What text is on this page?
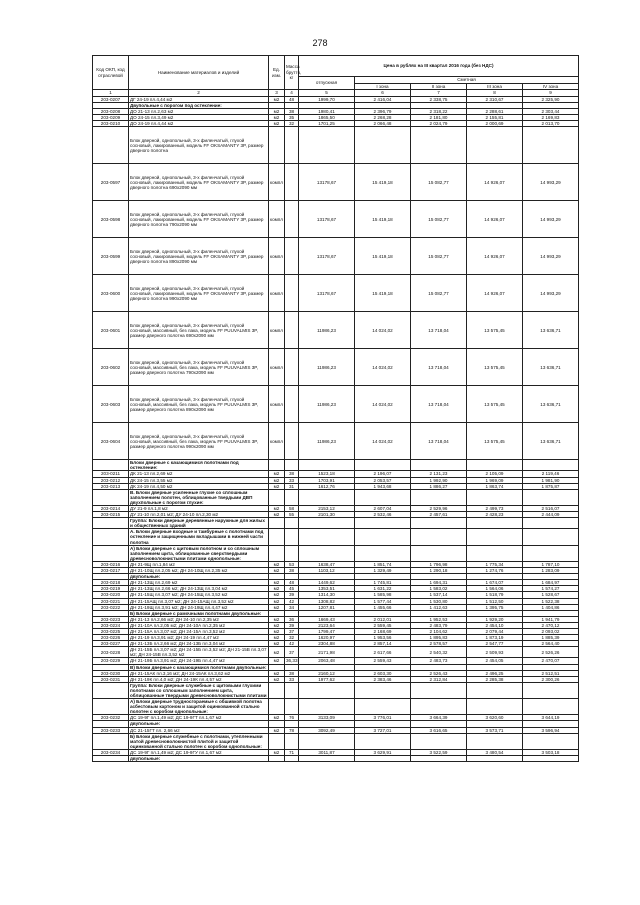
278
Код ОКП, код отраслевой	Наименование материалов и изделий	Ед. изм.	Масса брутто, кг	Цена в рублях на III квартал 2016 года (без НДС)				
				отпускная	Сметная			
					I зона	II зона	III зона	IV зона
1	2	3	4	5	6	7	8	9
203-0207	ДГ 24-19 пл.4,44 м2	м2	48	1999,70	2 416,04	2 338,75	2 310,67	2 325,90
	Двупольные с порогом под остекление:							
203-0208	ДО 21-13 пл.2,63 м2	м2	38	1980,41	2 396,79	2 318,22	2 288,61	2 303,44
203-0209	ДО 24-15 пл.3,49 м2	м2	35	1865,50	2 268,28	2 181,80	2 155,81	2 169,83
203-0210	ДО 24-19 пл.4,44 м2	м2	32	1701,25	2 066,48	2 024,79	2 000,69	2 013,70
	Блок дверной, однопольный, 3-х филенчатый, глухой сосновый, лакированный, модель FF OKSAMANTY 3P, размер дверного полотна							
203-0597	Блок дверной, однопольный, 3-х филенчатый, глухой сосновый, лакированный, модель FF OKSAMANTY 3P, размер дверного полотна 690х2090 мм	компл		13178,67	15 419,18	15 082,77	14 926,07	14 993,29
203-0598	Блок дверной, однопольный, 3-х филенчатый, глухой сосновый, лакированный, модель FF OKSAMANTY 3P, размер дверного полотна 790х2090 мм	компл		13178,67	15 419,18	15 082,77	14 926,07	14 993,29
203-0599	Блок дверной, однопольный, 3-х филенчатый, глухой сосновый, лакированный, модель FF OKSAMANTY 3P, размер дверного полотна 890х2090 мм	компл		13178,67	15 419,18	15 082,77	14 926,07	14 993,29
203-0600	Блок дверной, однопольный, 3-х филенчатый, глухой сосновый, лакированный, модель FF OKSAMANTY 3P, размер дверного полотна 990х2090 мм	компл		13178,67	15 419,18	15 082,77	14 926,07	14 993,29
203-0601	Блок дверной, однопольный, 3-х филенчатый, глухой сосновый, массивный, без лака, модель FF PUUVALMIS 3P, размер дверного полотна 690х2090 мм	компл		11986,23	14 024,02	13 718,04	13 575,45	13 636,71
203-0602	Блок дверной, однопольный, 3-х филенчатый, глухой сосновый, массивный, без лака, модель FF PUUVALMIS 3P, размер дверного полотна 790х2090 мм	компл		11986,23	14 024,02	13 718,04	13 575,45	13 636,71
203-0603	Блок дверной, однопольный, 3-х филенчатый, глухой сосновый, массивный, без лака, модель FF PUUVALMIS 3P, размер дверного полотна 890х2090 мм	компл		11986,23	14 024,02	13 718,04	13 575,45	13 636,71
203-0604	Блок дверной, однопольный, 3-х филенчатый, глухой сосновый, массивный, без лака, модель FF PUUVALMIS 3P, размер дверного полотна 990х2090 мм	компл		11986,23	14 024,02	13 718,04	13 575,45	13 636,71
	Блоки дверные с качающимися полотнами под остекление:							
203-0211	ДК 21-13 пл.2,69 м2	м2	38	1523,18	2 196,07	2 131,23	2 105,09	2 119,46
203-0212	ДК 24-15 пл.3,55 м2	м2	33	1703,91	2 053,57	1 992,90	1 969,09	1 981,90
203-0213	ДК 24-19 пл.4,50 м2	м2	31	1612,76	1 943,68	1 886,27	1 863,74	1 875,87
	В. Блоки дверные усиленные глухие со сплошным заполнением полотен, облицованные твердыми ДВП двухпольные с порогом глухие:							
203-0214	ДУ 21-9 пл.1,8 м2	м2	58	2153,12	2 607,04	2 529,96	2 499,73	2 516,07
203-0215	ДУ 21-10 пл.2,01 м2; ДУ 24-10 пл.2,30 м2	м2	55	2101,30	2 532,46	2 457,61	2 428,23	2 444,09
	Группа: Блоки дверные деревянные наружные для жилых и общественных зданий							
	А. Блоки дверные входные и тамбурные с полотнами под остекление и защищенными вкладышами в нижней части полотна							
	А) Блоки дверные с щитовым полотном и со сплошным заполнением щита, облицованные сверхтвердыми древесноволокнистыми плитами однопольные:							
203-0216	ДН 21-9Щ пл.1,84 м2	м2	53	1638,47	1 851,74	1 796,98	1 775,34	1 787,10
203-0217	ДН 21-10Щ пл.2,05 м2; ДН 24-10Щ пл.2,35 м2	м2	38	1103,12	1 329,49	1 290,18	1 274,76	1 283,09
	двупольные:							
203-0218	ДН 21-13Щ пл.2,69 м2	м2	48	1449,62	1 745,81	1 694,31	1 674,07	1 684,97
203-0219	ДН 21-13Щ пл.2,66 м2; ДН 24-13Щ пл.3,04 м2	м2	45	1353,51	1 631,22	1 583,02	1 564,06	1 574,27
203-0220	ДН 21-15Щ пл.3,07 м2; ДН 24-15Щ пл.3,52 м2	м2	39	1314,30	1 585,98	1 537,14	1 518,79	1 528,67
203-0221	ДН 21-15АЩ пл.3,07 м2; ДН 24-15АЩ пл.3,52 м2	м2	42	1308,82	1 577,44	1 530,80	1 512,50	1 522,38
203-0222	ДН 21-19Щ пл.3,91 м2; ДН 24-19Щ пл.4,47 м2	м2	34	1207,81	1 455,66	1 412,63	1 395,75	1 404,86
	Б) Блоки дверные с рамочными полотнами двупольные:							
203-0223	ДН 21-13 пл.2,66 м2; ДН 24-10 пл.2,35 м2	м2	36	1669,43	2 012,01	1 952,53	1 929,20	1 941,79
203-0224	ДН 21-10А пл.2,05 м2; ДН 24-10А пл.2,35 м2	м2	39	2123,64	2 559,45	2 483,79	2 454,10	2 470,12
203-0225	ДН 21-15А пл.3,07 м2; ДН 24-15А пл.3,52 м2	м2	37	1799,47	2 168,69	2 104,62	2 079,44	2 093,02
203-0226	ДН 21-19 пл.3,91 м2; ДН 24-19 пл.4,47 м2	м2	32	1620,97	1 953,56	1 895,83	1 873,19	1 885,39
203-0227	ДН 21-13Б пл.2,66 м2; ДН 24-13Б пл.3,04 м2	м2	42	2304,88	2 857,14	2 578,57	2 547,77	2 564,40
203-0228	ДН 21-15Б пл.3,07 м2; ДН 24-15Б пл.3,52 м2; ДН 21-15В пл.3,07 м2; ДН 24-15В пл.3,52 м2	м2	37	2171,98	2 617,66	2 540,32	2 509,93	2 526,26
203-0229	ДН 21-19Б пл.3,91 м2; ДН 24-19Б пл.4,47 м2	м2	36,33	2063,48	2 559,43	2 483,73	2 454,05	2 470,07
	В) Блоки дверные с качающимися полотнами двупольные:							
203-0230	ДН 21-15АК пл.3,16 м2; ДН 24-15АК пл.3,62 м2	м2	38	2160,12	2 603,30	2 526,43	2 496,25	2 512,51
203-0231	ДН 21-19К пл.4,0 м2; ДН 24-19К пл.4,57 м2	м2	33	1977,62	2 383,46	2 312,84	2 285,38	2 300,26
	Группа: Блоки дверные служебные с щитовыми глухими полотнами со сплошным заполнением щита, облицованные твердыми древесноволокнистыми плитами							
	А) Блоки дверные трудносгораемые с обшивкой полотна асбестовым картоном и защитой оцинкованной стально полотен с коробом однопольные:							
203-0232	ДС 19-9Г пл.1,49 м2; ДС 19-9ГТ пл.1,67 м2	м2	76	3133,09	3 776,01	3 664,39	3 620,60	3 644,19
	двупольные:							
203-0233	ДС 21-15ГТ пл. 2,66 м2	м2	78	3092,49	3 727,01	3 616,65	3 573,71	3 596,94
	Б) Блоки дверные служебные с полотнами, утепленными матой древесноволокнистой плитой и защитой оцинкованной стально полотен с коробом однопольные:							
203-0234	ДС 19-9Г пл.1,49 м2; ДС 19-9ГУ пл.1,67 м2	м2	71	3011,87	3 629,91	3 522,59	3 480,54	3 503,18
	двупольные:							
